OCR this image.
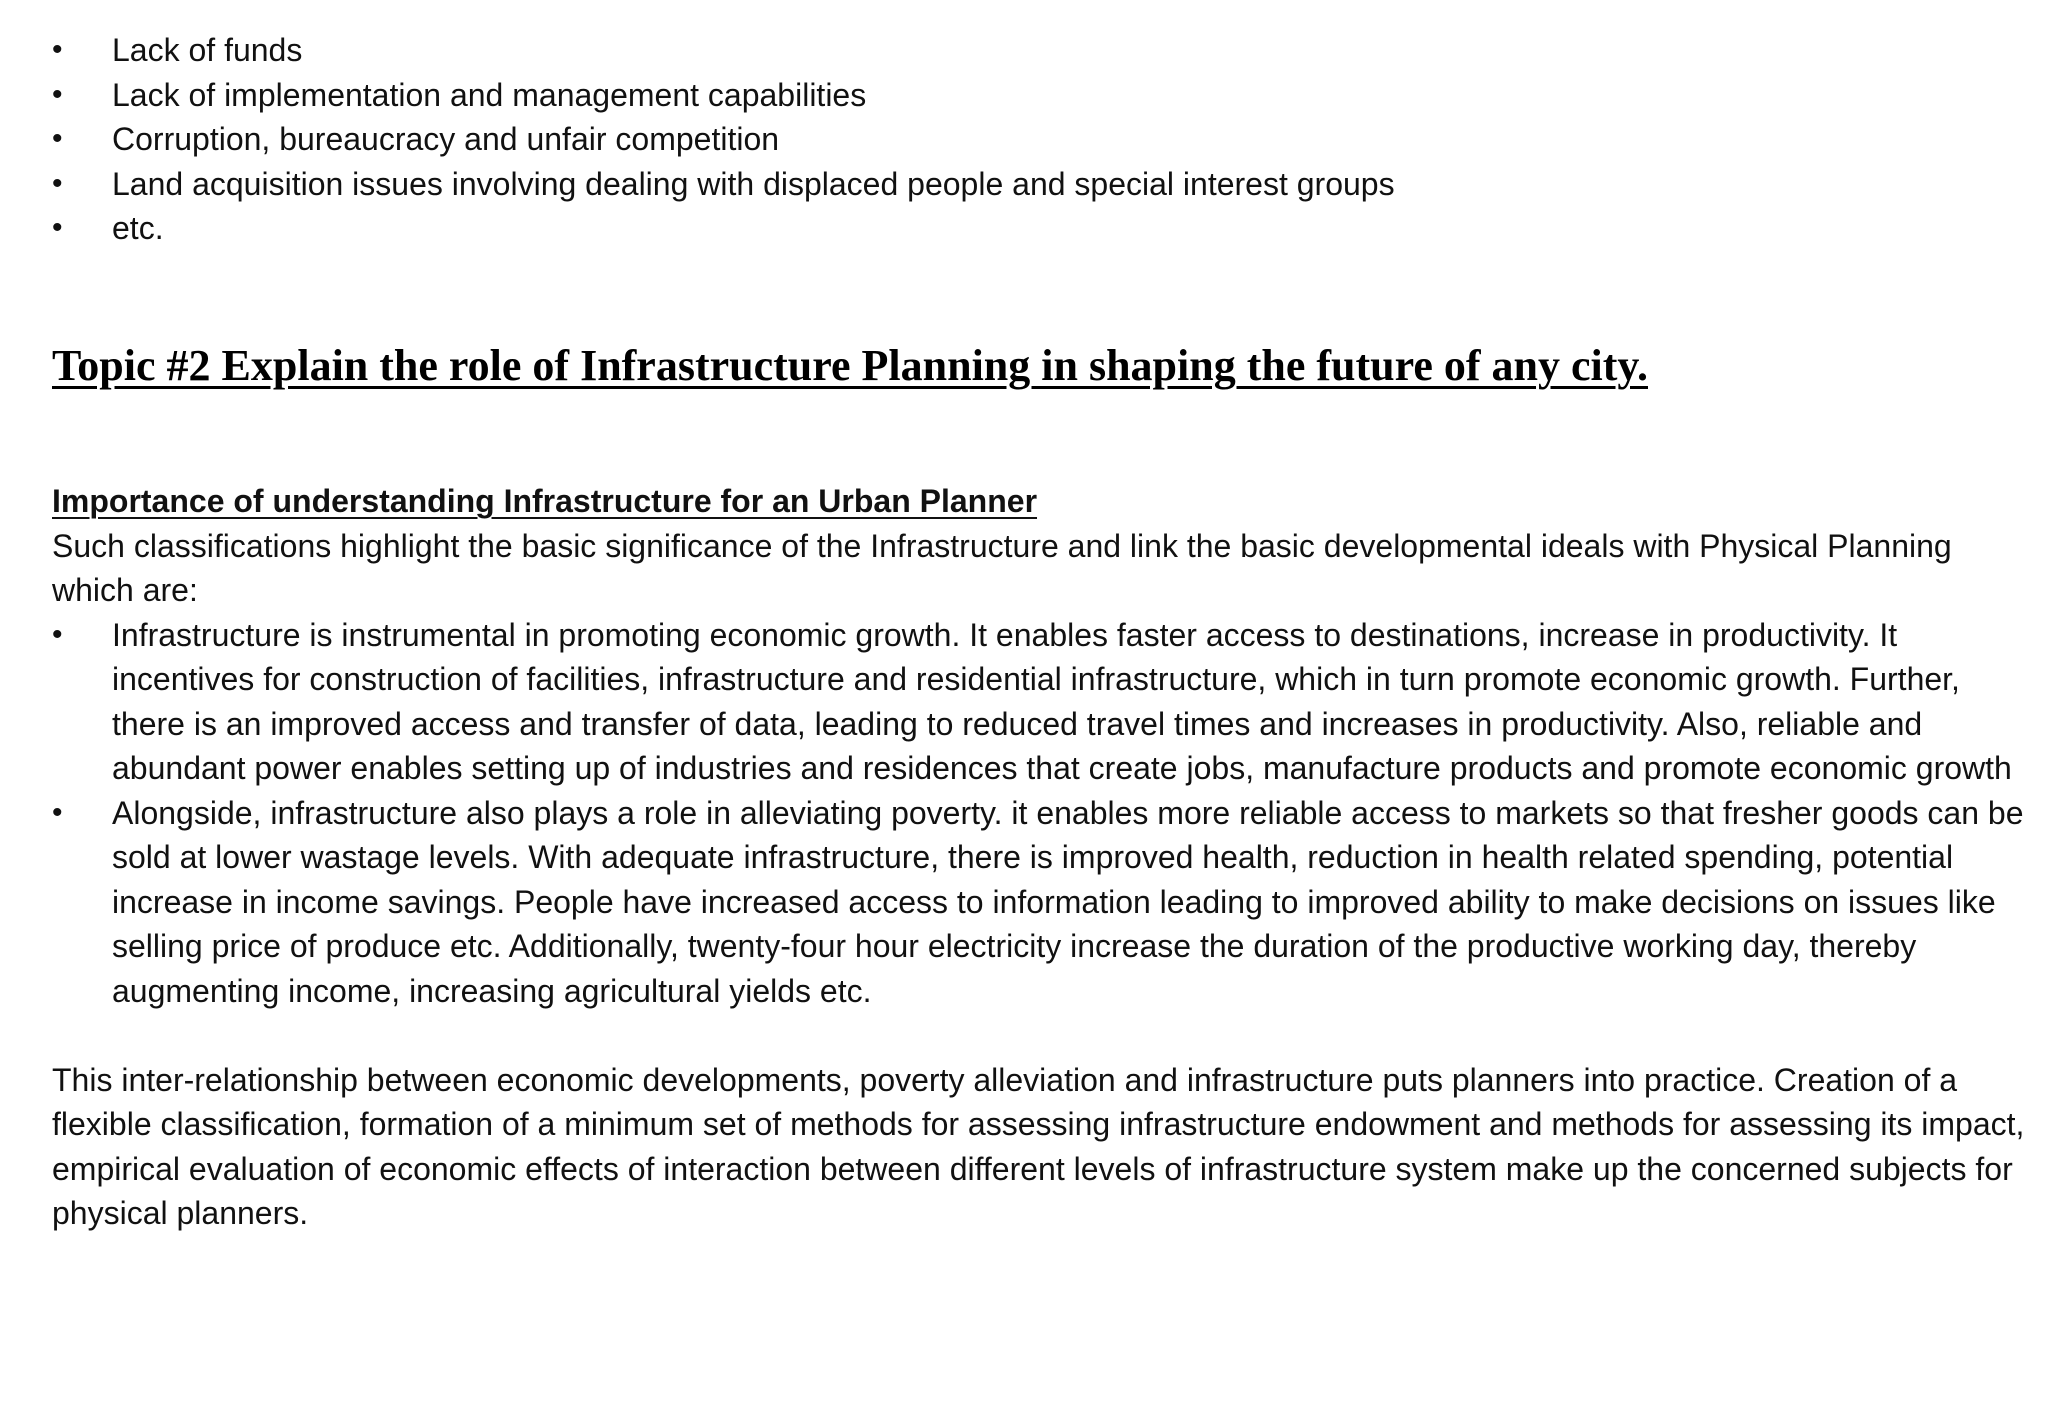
•	Lack of funds
•	Lack of implementation and management capabilities
•	Corruption, bureaucracy and unfair competition
•	Land acquisition issues involving dealing with displaced people and special interest groups
•	etc.
Topic #2 Explain the role of Infrastructure Planning in shaping the future of any city.
Importance of understanding Infrastructure for an Urban Planner

Such classifications highlight the basic significance of the Infrastructure and link the basic developmental ideals with Physical Planning which are:

•	Infrastructure is instrumental in promoting economic growth. It enables faster access to destinations, increase in productivity. It incentives for construction of facilities, infrastructure and residential infrastructure, which in turn promote economic growth. Further, there is an improved access and transfer of data, leading to reduced travel times and increases in productivity. Also, reliable and abundant power enables setting up of industries and residences that create jobs, manufacture products and promote economic growth
•	Alongside, infrastructure also plays a role in alleviating poverty. it enables more reliable access to markets so that fresher goods can be sold at lower wastage levels. With adequate infrastructure, there is improved health, reduction in health related spending, potential increase in income savings. People have increased access to information leading to improved ability to make decisions on issues like selling price of produce etc. Additionally, twenty-four hour electricity increase the duration of the productive working day, thereby augmenting income, increasing agricultural yields etc.

This inter-relationship between economic developments, poverty alleviation and infrastructure puts planners into practice. Creation of a flexible classification, formation of a minimum set of methods for assessing infrastructure endowment and methods for assessing its impact, empirical evaluation of economic effects of interaction between different levels of infrastructure system make up the concerned subjects for physical planners.
